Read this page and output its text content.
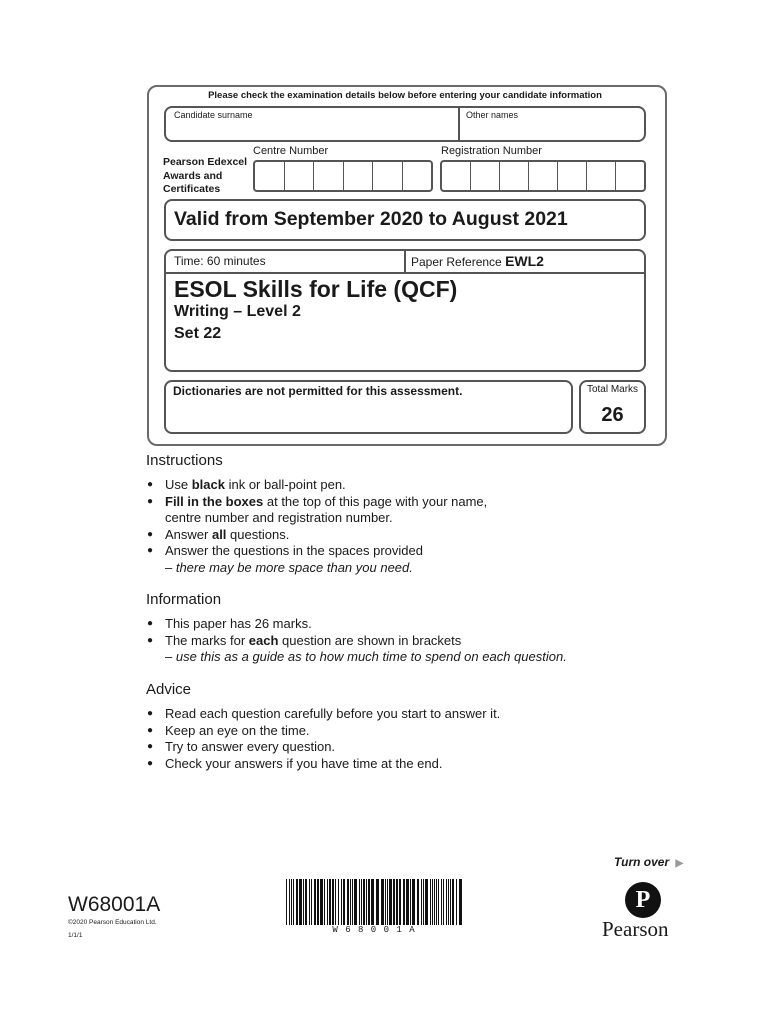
Please check the examination details below before entering your candidate information
Candidate surname	Other names
Pearson Edexcel
Awards and
Certificates
Centre Number	Registration Number
Valid from September 2020 to August 2021
Time: 60 minutes	Paper Reference EWL2
ESOL Skills for Life (QCF)
Writing – Level 2
Set 22
Dictionaries are not permitted for this assessment.	Total Marks
26
Instructions
● Use black ink or ball-point pen.
● Fill in the boxes at the top of this page with your name,
centre number and registration number.
● Answer all questions.
● Answer the questions in the spaces provided
– there may be more space than you need.
Information
● This paper has 26 marks.
● The marks for each question are shown in brackets
– use this as a guide as to how much time to spend on each question.
Advice
● Read each question carefully before you start to answer it.
● Keep an eye on the time.
● Try to answer every question.
● Check your answers if you have time at the end.
Turn over ▶
W68001A
©2020 Pearson Education Ltd.
1/1/1
W 6 8 0 0 1 A
P
Pearson
